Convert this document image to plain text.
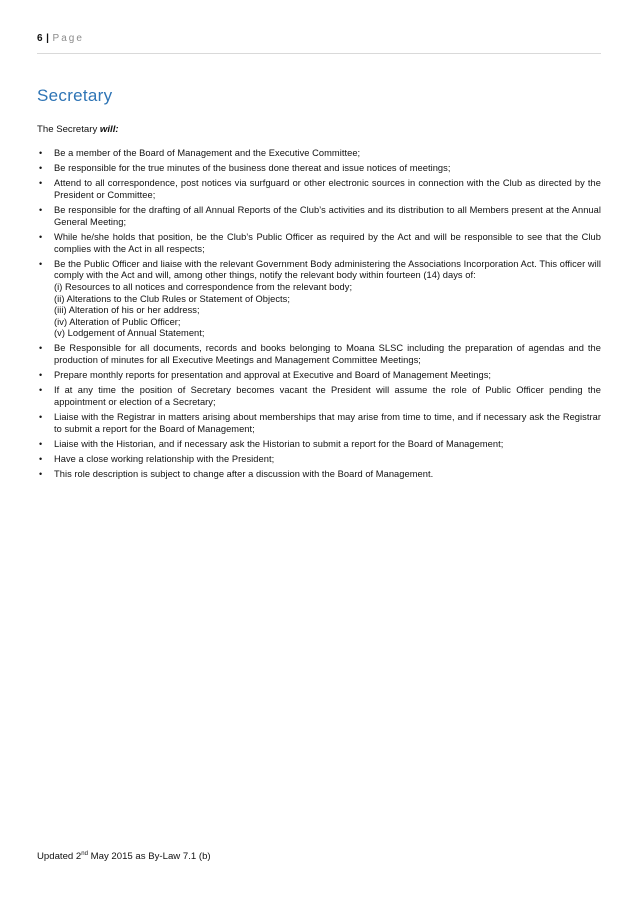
6 | Page
Secretary
The Secretary will:
• Be a member of the Board of Management and the Executive Committee;
• Be responsible for the true minutes of the business done thereat and issue notices of meetings;
• Attend to all correspondence, post notices via surfguard or other electronic sources in connection with the Club as directed by the President or Committee;
• Be responsible for the drafting of all Annual Reports of the Club’s activities and its distribution to all Members present at the Annual General Meeting;
• While he/she holds that position, be the Club’s Public Officer as required by the Act and will be responsible to see that the Club complies with the Act in all respects;
• Be the Public Officer and liaise with the relevant Government Body administering the Associations Incorporation Act. This officer will comply with the Act and will, among other things, notify the relevant body within fourteen (14) days of:
(i) Resources to all notices and correspondence from the relevant body;
(ii) Alterations to the Club Rules or Statement of Objects;
(iii) Alteration of his or her address;
(iv) Alteration of Public Officer;
(v) Lodgement of Annual Statement;
• Be Responsible for all documents, records and books belonging to Moana SLSC including the preparation of agendas and the production of minutes for all Executive Meetings and Management Committee Meetings;
• Prepare monthly reports for presentation and approval at Executive and Board of Management Meetings;
• If at any time the position of Secretary becomes vacant the President will assume the role of Public Officer pending the appointment or election of a Secretary;
• Liaise with the Registrar in matters arising about memberships that may arise from time to time, and if necessary ask the Registrar to submit a report for the Board of Management;
• Liaise with the Historian, and if necessary ask the Historian to submit a report for the Board of Management;
• Have a close working relationship with the President;
• This role description is subject to change after a discussion with the Board of Management.
Updated 2nd May 2015 as By-Law 7.1 (b)
